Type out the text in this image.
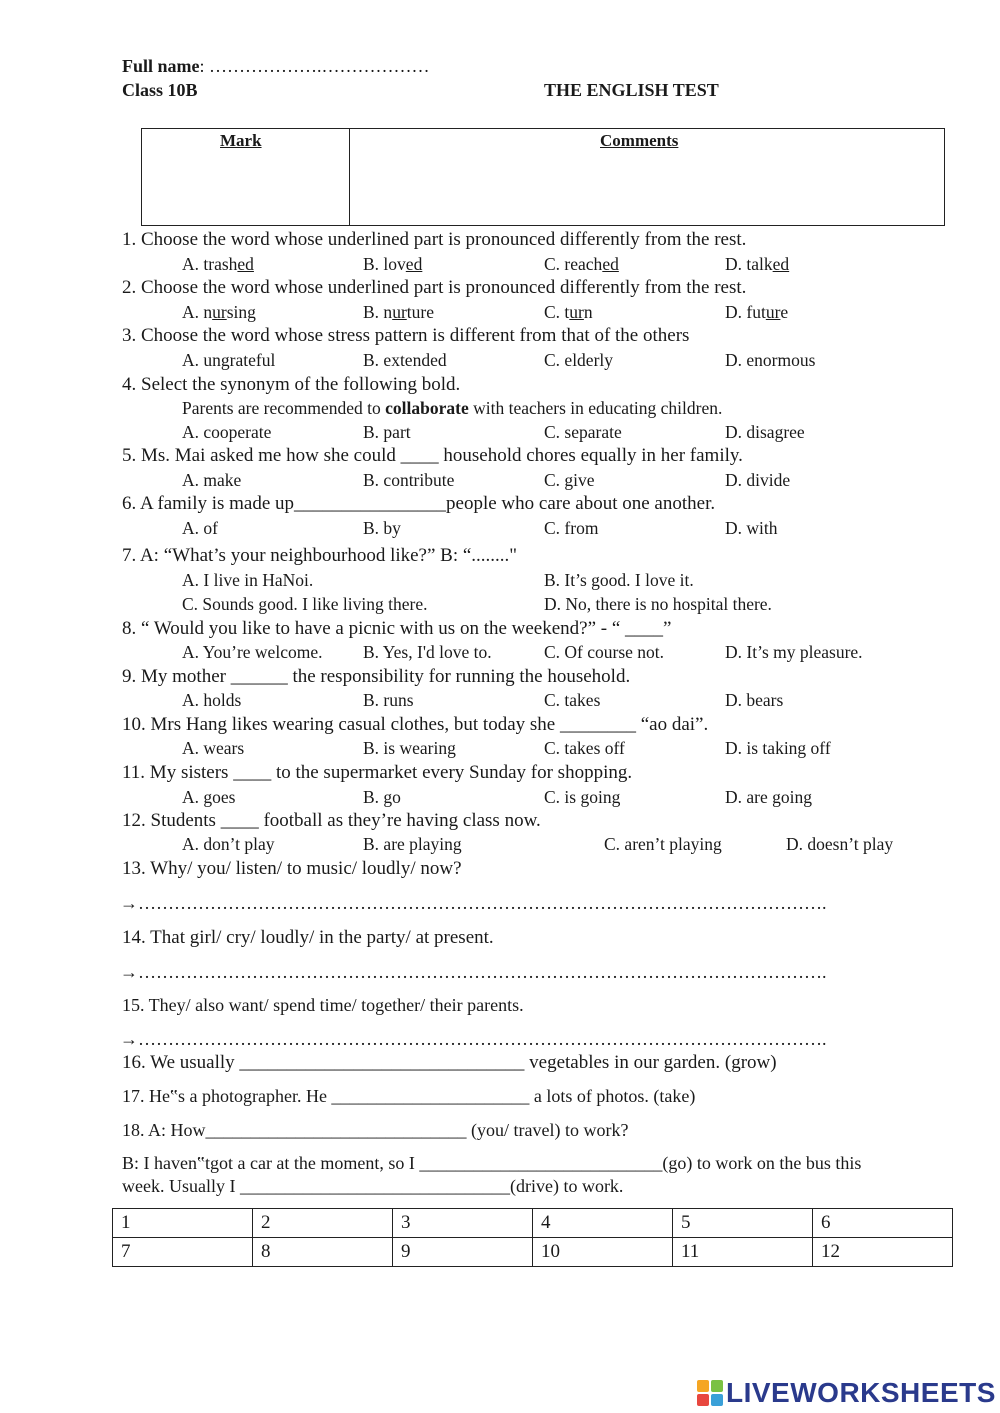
Full name: ……………….………………
Class 10B	THE ENGLISH TEST
Mark	Comments
1. Choose the word whose underlined part is pronounced differently from the rest.
A. trashed	B. loved	C. reached	D. talked
2. Choose the word whose underlined part is pronounced differently from the rest.
A. nursing	B. nurture	C. turn	D. future
3. Choose the word whose stress pattern is different from that of the others
A. ungrateful	B. extended	C. elderly	D. enormous
4. Select the synonym of the following bold.
Parents are recommended to collaborate with teachers in educating children.
A. cooperate	B. part	C. separate	D. disagree
5. Ms. Mai asked me how she could ____ household chores equally in her family.
A. make	B. contribute	C. give	D. divide
6. A family is made up________________people who care about one another.
A. of	B. by	C. from	D. with
7. A: “What’s your neighbourhood like?” B: “........"
A. I live in HaNoi.	B. It’s good. I love it.
C. Sounds good. I like living there.	D. No, there is no hospital there.
8. “ Would you like to have a picnic with us on the weekend?” - “ ____”
A. You’re welcome. B. Yes, I'd love to.	C. Of course not.	D. It’s my pleasure.
9. My mother ______ the responsibility for running the household.
A. holds	B. runs	C. takes	D. bears
10. Mrs Hang likes wearing casual clothes, but today she ________ “ao dai”.
A. wears	B. is wearing	C. takes off	D. is taking off
11. My sisters ____ to the supermarket every Sunday for shopping.
A. goes	B. go	C. is going	D. are going
12. Students ____ football as they’re having class now.
A. don’t play	B. are playing	C. aren’t playing	D. doesn’t play
13. Why/ you/ listen/ to music/ loudly/ now?
→…………………………………………………………………………………………………….
14. That girl/ cry/ loudly/ in the party/ at present.
→…………………………………………………………………………………………………….
15. They/ also want/ spend time/ together/ their parents.
→…………………………………………………………………………………………………….
16. We usually ______________________________ vegetables in our garden. (grow)
17. He‟s a photographer. He ______________________ a lots of photos. (take)
18. A: How_____________________________ (you/ travel) to work?
B: I haven‟tgot a car at the moment, so I ___________________________(go) to work on the bus this
week. Usually I ______________________________(drive) to work.
1	2	3	4	5	6
7	8	9	10	11	12
LIVEWORKSHEETS
